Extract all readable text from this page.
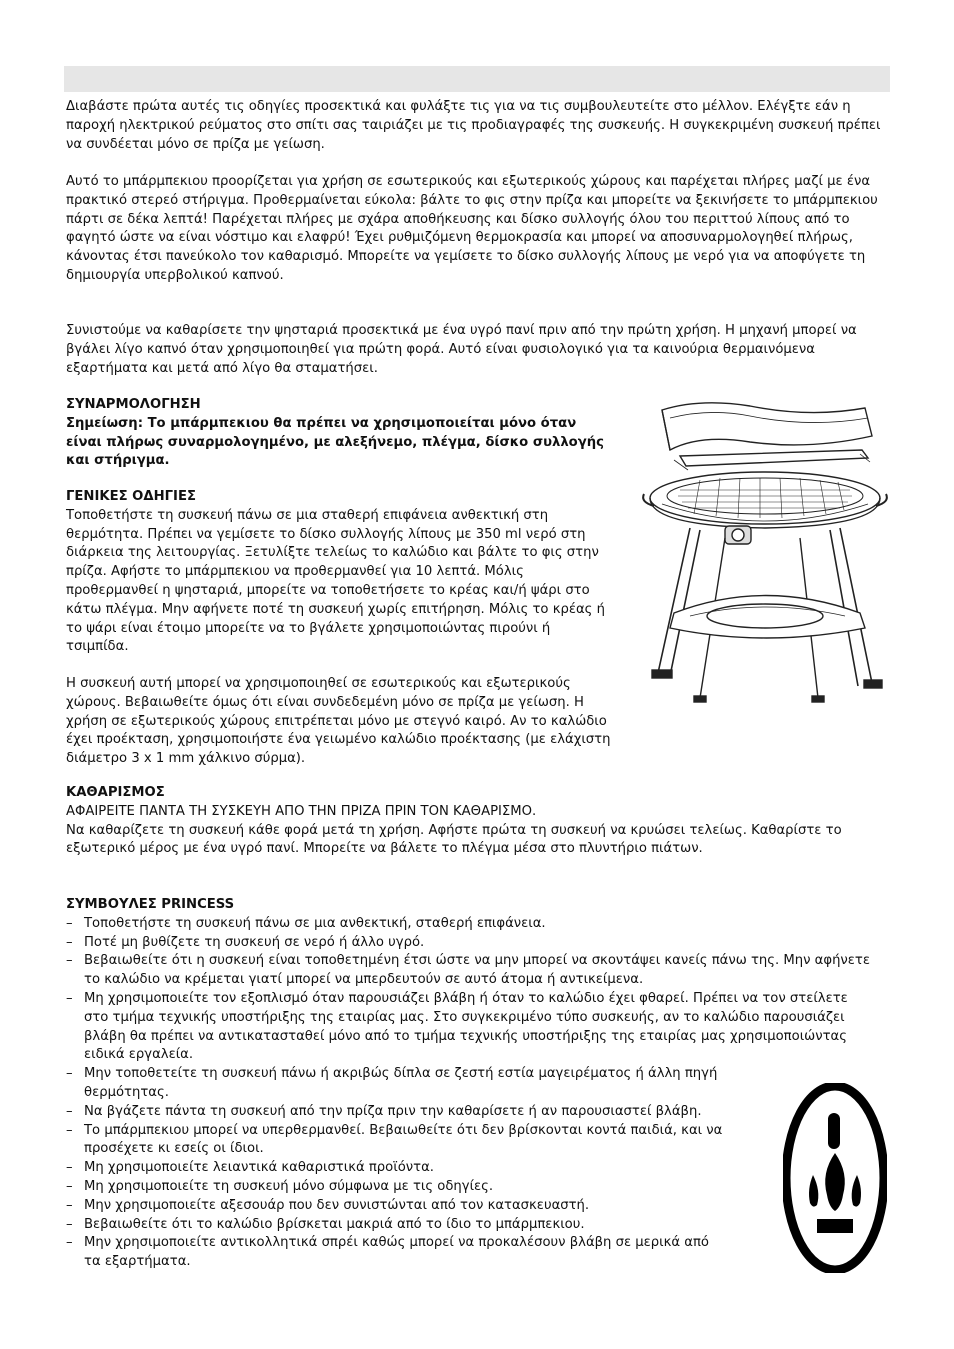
Διαβάστε πρώτα αυτές τις οδηγίες προσεκτικά και φυλάξτε τις για να τις συμβουλευτείτε στο μέλλον. Ελέγξτε εάν η παροχή ηλεκτρικού ρεύματος στο σπίτι σας ταιριάζει με τις προδιαγραφές της συσκευής. Η συγκεκριμένη συσκευή πρέπει να συνδέεται μόνο σε πρίζα με γείωση.

Αυτό το μπάρμπεκιου προορίζεται για χρήση σε εσωτερικούς και εξωτερικούς χώρους και παρέχεται πλήρες μαζί με ένα πρακτικό στερεό στήριγμα. Προθερμαίνεται εύκολα: βάλτε το φις στην πρίζα και μπορείτε να ξεκινήσετε το μπάρμπεκιου πάρτι σε δέκα λεπτά! Παρέχεται πλήρες με σχάρα αποθήκευσης και δίσκο συλλογής όλου του περιττού λίπους από το φαγητό ώστε να είναι νόστιμο και ελαφρύ! Έχει ρυθμιζόμενη θερμοκρασία και μπορεί να αποσυναρμολογηθεί πλήρως, κάνοντας έτσι πανεύκολο τον καθαρισμό. Μπορείτε να γεμίσετε το δίσκο συλλογής λίπους με νερό για να αποφύγετε τη δημιουργία υπερβολικού καπνού.

Συνιστούμε να καθαρίσετε την ψησταριά προσεκτικά με ένα υγρό πανί πριν από την πρώτη χρήση. Η μηχανή μπορεί να βγάλει λίγο καπνό όταν χρησιμοποιηθεί για πρώτη φορά. Αυτό είναι φυσιολογικό για τα καινούρια θερμαινόμενα εξαρτήματα και μετά από λίγο θα σταματήσει.

ΣΥΝΑΡΜΟΛΟΓΗΣΗ

Σημείωση: Το μπάρμπεκιου θα πρέπει να χρησιμοποιείται μόνο όταν είναι πλήρως συναρμολογημένο, με αλεξήνεμο, πλέγμα, δίσκο συλλογής και στήριγμα.

ΓΕΝΙΚΕΣ ΟΔΗΓΙΕΣ

Τοποθετήστε τη συσκευή πάνω σε μια σταθερή επιφάνεια ανθεκτική στη θερμότητα. Πρέπει να γεμίσετε το δίσκο συλλογής λίπους με 350 ml νερό στη διάρκεια της λειτουργίας. Ξετυλίξτε τελείως το καλώδιο και βάλτε το φις στην πρίζα. Αφήστε το μπάρμπεκιου να προθερμανθεί για 10 λεπτά. Μόλις προθερμανθεί η ψησταριά, μπορείτε να τοποθετήσετε το κρέας και/ή ψάρι στο κάτω πλέγμα. Μην αφήνετε ποτέ τη συσκευή χωρίς επιτήρηση. Μόλις το κρέας ή το ψάρι είναι έτοιμο μπορείτε να το βγάλετε χρησιμοποιώντας πιρούνι ή τσιμπίδα.

Η συσκευή αυτή μπορεί να χρησιμοποιηθεί σε εσωτερικούς και εξωτερικούς χώρους. Βεβαιωθείτε όμως ότι είναι συνδεδεμένη μόνο σε πρίζα με γείωση. Η χρήση σε εξωτερικούς χώρους επιτρέπεται μόνο με στεγνό καιρό. Αν το καλώδιο έχει προέκταση, χρησιμοποιήστε ένα γειωμένο καλώδιο προέκτασης (με ελάχιστη διάμετρο 3 x 1 mm χάλκινο σύρμα).

ΚΑΘΑΡΙΣΜΟΣ

ΑΦΑΙΡΕΙΤΕ ΠΑΝΤΑ ΤΗ ΣΥΣΚΕΥΗ ΑΠΟ ΤΗΝ ΠΡΙΖΑ ΠΡΙΝ ΤΟΝ ΚΑΘΑΡΙΣΜΟ.

Να καθαρίζετε τη συσκευή κάθε φορά μετά τη χρήση. Αφήστε πρώτα τη συσκευή να κρυώσει τελείως. Καθαρίστε το εξωτερικό μέρος με ένα υγρό πανί. Μπορείτε να βάλετε το πλέγμα μέσα στο πλυντήριο πιάτων.

ΣΥΜΒΟΥΛΕΣ PRINCESS

– Τοποθετήστε τη συσκευή πάνω σε μια ανθεκτική, σταθερή επιφάνεια.
– Ποτέ μη βυθίζετε τη συσκευή σε νερό ή άλλο υγρό.
– Βεβαιωθείτε ότι η συσκευή είναι τοποθετημένη έτσι ώστε να μην μπορεί να σκοντάψει κανείς πάνω της. Μην αφήνετε το καλώδιο να κρέμεται γιατί μπορεί να μπερδευτούν σε αυτό άτομα ή αντικείμενα.
– Μη χρησιμοποιείτε τον εξοπλισμό όταν παρουσιάζει βλάβη ή όταν το καλώδιο έχει φθαρεί. Πρέπει να τον στείλετε στο τμήμα τεχνικής υποστήριξης της εταιρίας μας. Στο συγκεκριμένο τύπο συσκευής, αν το καλώδιο παρουσιάζει βλάβη θα πρέπει να αντικατασταθεί μόνο από το τμήμα τεχνικής υποστήριξης της εταιρίας μας χρησιμοποιώντας ειδικά εργαλεία.
– Μην τοποθετείτε τη συσκευή πάνω ή ακριβώς δίπλα σε ζεστή εστία μαγειρέματος ή άλλη πηγή θερμότητας.
– Να βγάζετε πάντα τη συσκευή από την πρίζα πριν την καθαρίσετε ή αν παρουσιαστεί βλάβη.
– Το μπάρμπεκιου μπορεί να υπερθερμανθεί. Βεβαιωθείτε ότι δεν βρίσκονται κοντά παιδιά, και να προσέχετε κι εσείς οι ίδιοι.
– Μη χρησιμοποιείτε λειαντικά καθαριστικά προϊόντα.
– Μη χρησιμοποιείτε τη συσκευή μόνο σύμφωνα με τις οδηγίες.
– Μην χρησιμοποιείτε αξεσουάρ που δεν συνιστώνται από τον κατασκευαστή.
– Βεβαιωθείτε ότι το καλώδιο βρίσκεται μακριά από το ίδιο το μπάρμπεκιου.
– Μην χρησιμοποιείτε αντικολλητικά σπρέι καθώς μπορεί να προκαλέσουν βλάβη σε μερικά από τα εξαρτήματα.
